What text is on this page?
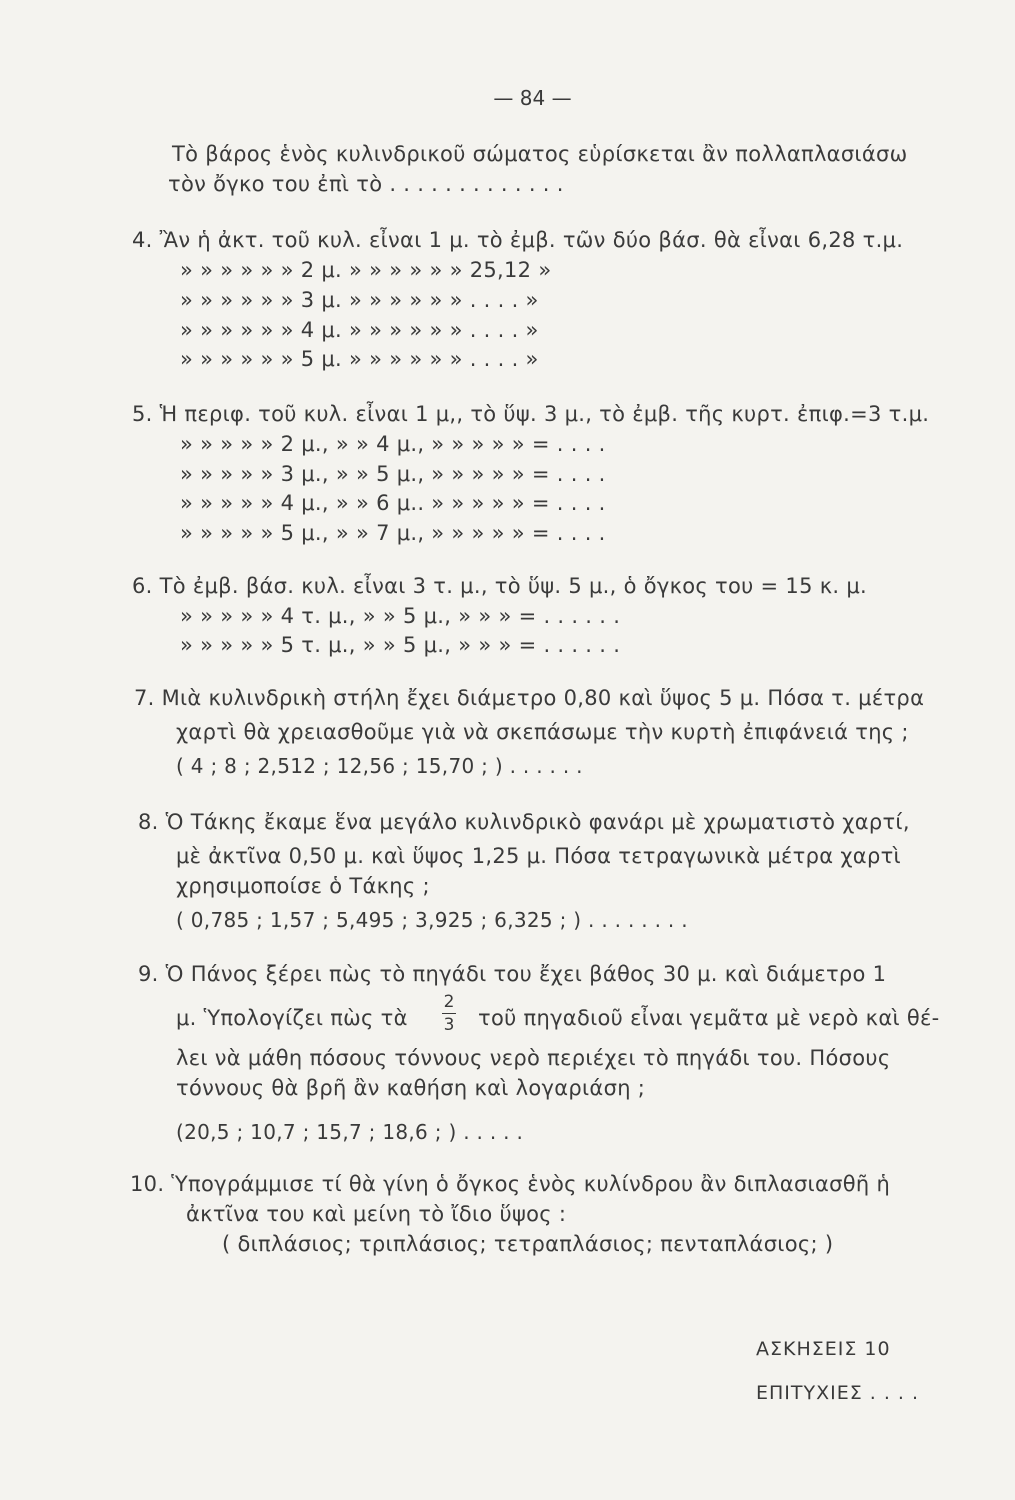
— 84 —
Τὸ βάρος ἑνὸς κυλινδρικοῦ σώματος εὑρίσκεται ἂν πολλαπλασιάσω
τὸν ὄγκο του ἐπὶ τὸ . . . . . . . . . . . . .
4. Ἂν ἡ ἀκτ. τοῦ κυλ. εἶναι 1 μ. τὸ ἐμβ. τῶν δύο βάσ. θὰ εἶναι 6,28 τ.μ.
» » » » » » 2 μ. » » » » » » 25,12 »
» » » » » » 3 μ. » » » » » » . . . . »
» » » » » » 4 μ. » » » » » » . . . . »
» » » » » » 5 μ. » » » » » » . . . . »
5. Ἡ περιφ. τοῦ κυλ. εἶναι 1 μ,, τὸ ὕψ. 3 μ., τὸ ἐμβ. τῆς κυρτ. ἐπιφ.=3 τ.μ.
» » » » » 2 μ., » » 4 μ., » » » » » = . . . .
» » » » » 3 μ., » » 5 μ., » » » » » = . . . .
» » » » » 4 μ., » » 6 μ.. » » » » » = . . . .
» » » » » 5 μ., » » 7 μ., » » » » » = . . . .
6. Τὸ ἐμβ. βάσ. κυλ. εἶναι 3 τ. μ., τὸ ὕψ. 5 μ., ὁ ὄγκος του = 15 κ. μ.
» » » » » 4 τ. μ., » » 5 μ., » » » = . . . . . .
» » » » » 5 τ. μ., » » 5 μ., » » » = . . . . . .
7. Μιὰ κυλινδρικὴ στήλη ἔχει διάμετρο 0,80 καὶ ὕψος 5 μ. Πόσα τ. μέτρα
χαρτὶ θὰ χρειασθοῦμε γιὰ νὰ σκεπάσωμε τὴν κυρτὴ ἐπιφάνειά της ;
( 4 ; 8 ; 2,512 ; 12,56 ; 15,70 ; ) . . . . . .
8. Ὁ Τάκης ἔκαμε ἕνα μεγάλο κυλινδρικὸ φανάρι μὲ χρωματιστὸ χαρτί,
μὲ ἀκτῖνα 0,50 μ. καὶ ὕψος 1,25 μ. Πόσα τετραγωνικὰ μέτρα χαρτὶ
χρησιμοποίσε ὁ Τάκης ;
( 0,785 ; 1,57 ; 5,495 ; 3,925 ; 6,325 ; ) . . . . . . . .
9. Ὁ Πάνος ξέρει πὼς τὸ πηγάδι του ἔχει βάθος 30 μ. καὶ διάμετρο 1
μ. Ὑπολογίζει πὼς τὰ
2
3 τοῦ πηγαδιοῦ εἶναι γεμᾶτα μὲ νερὸ καὶ θέ-
λει νὰ μάθη πόσους τόννους νερὸ περιέχει τὸ πηγάδι του. Πόσους
τόννους θὰ βρῆ ἂν καθήση καὶ λογαριάση ;
(20,5 ; 10,7 ; 15,7 ; 18,6 ; ) . . . . .
10. Ὑπογράμμισε τί θὰ γίνη ὁ ὄγκος ἑνὸς κυλίνδρου ἂν διπλασιασθῆ ἡ
ἀκτῖνα του καὶ μείνη τὸ ἴδιο ὕψος :
( διπλάσιος; τριπλάσιος; τετραπλάσιος; πενταπλάσιος; )
ΑΣΚΗΣΕΙΣ 10
ΕΠΙΤΥΧΙΕΣ . . . .
